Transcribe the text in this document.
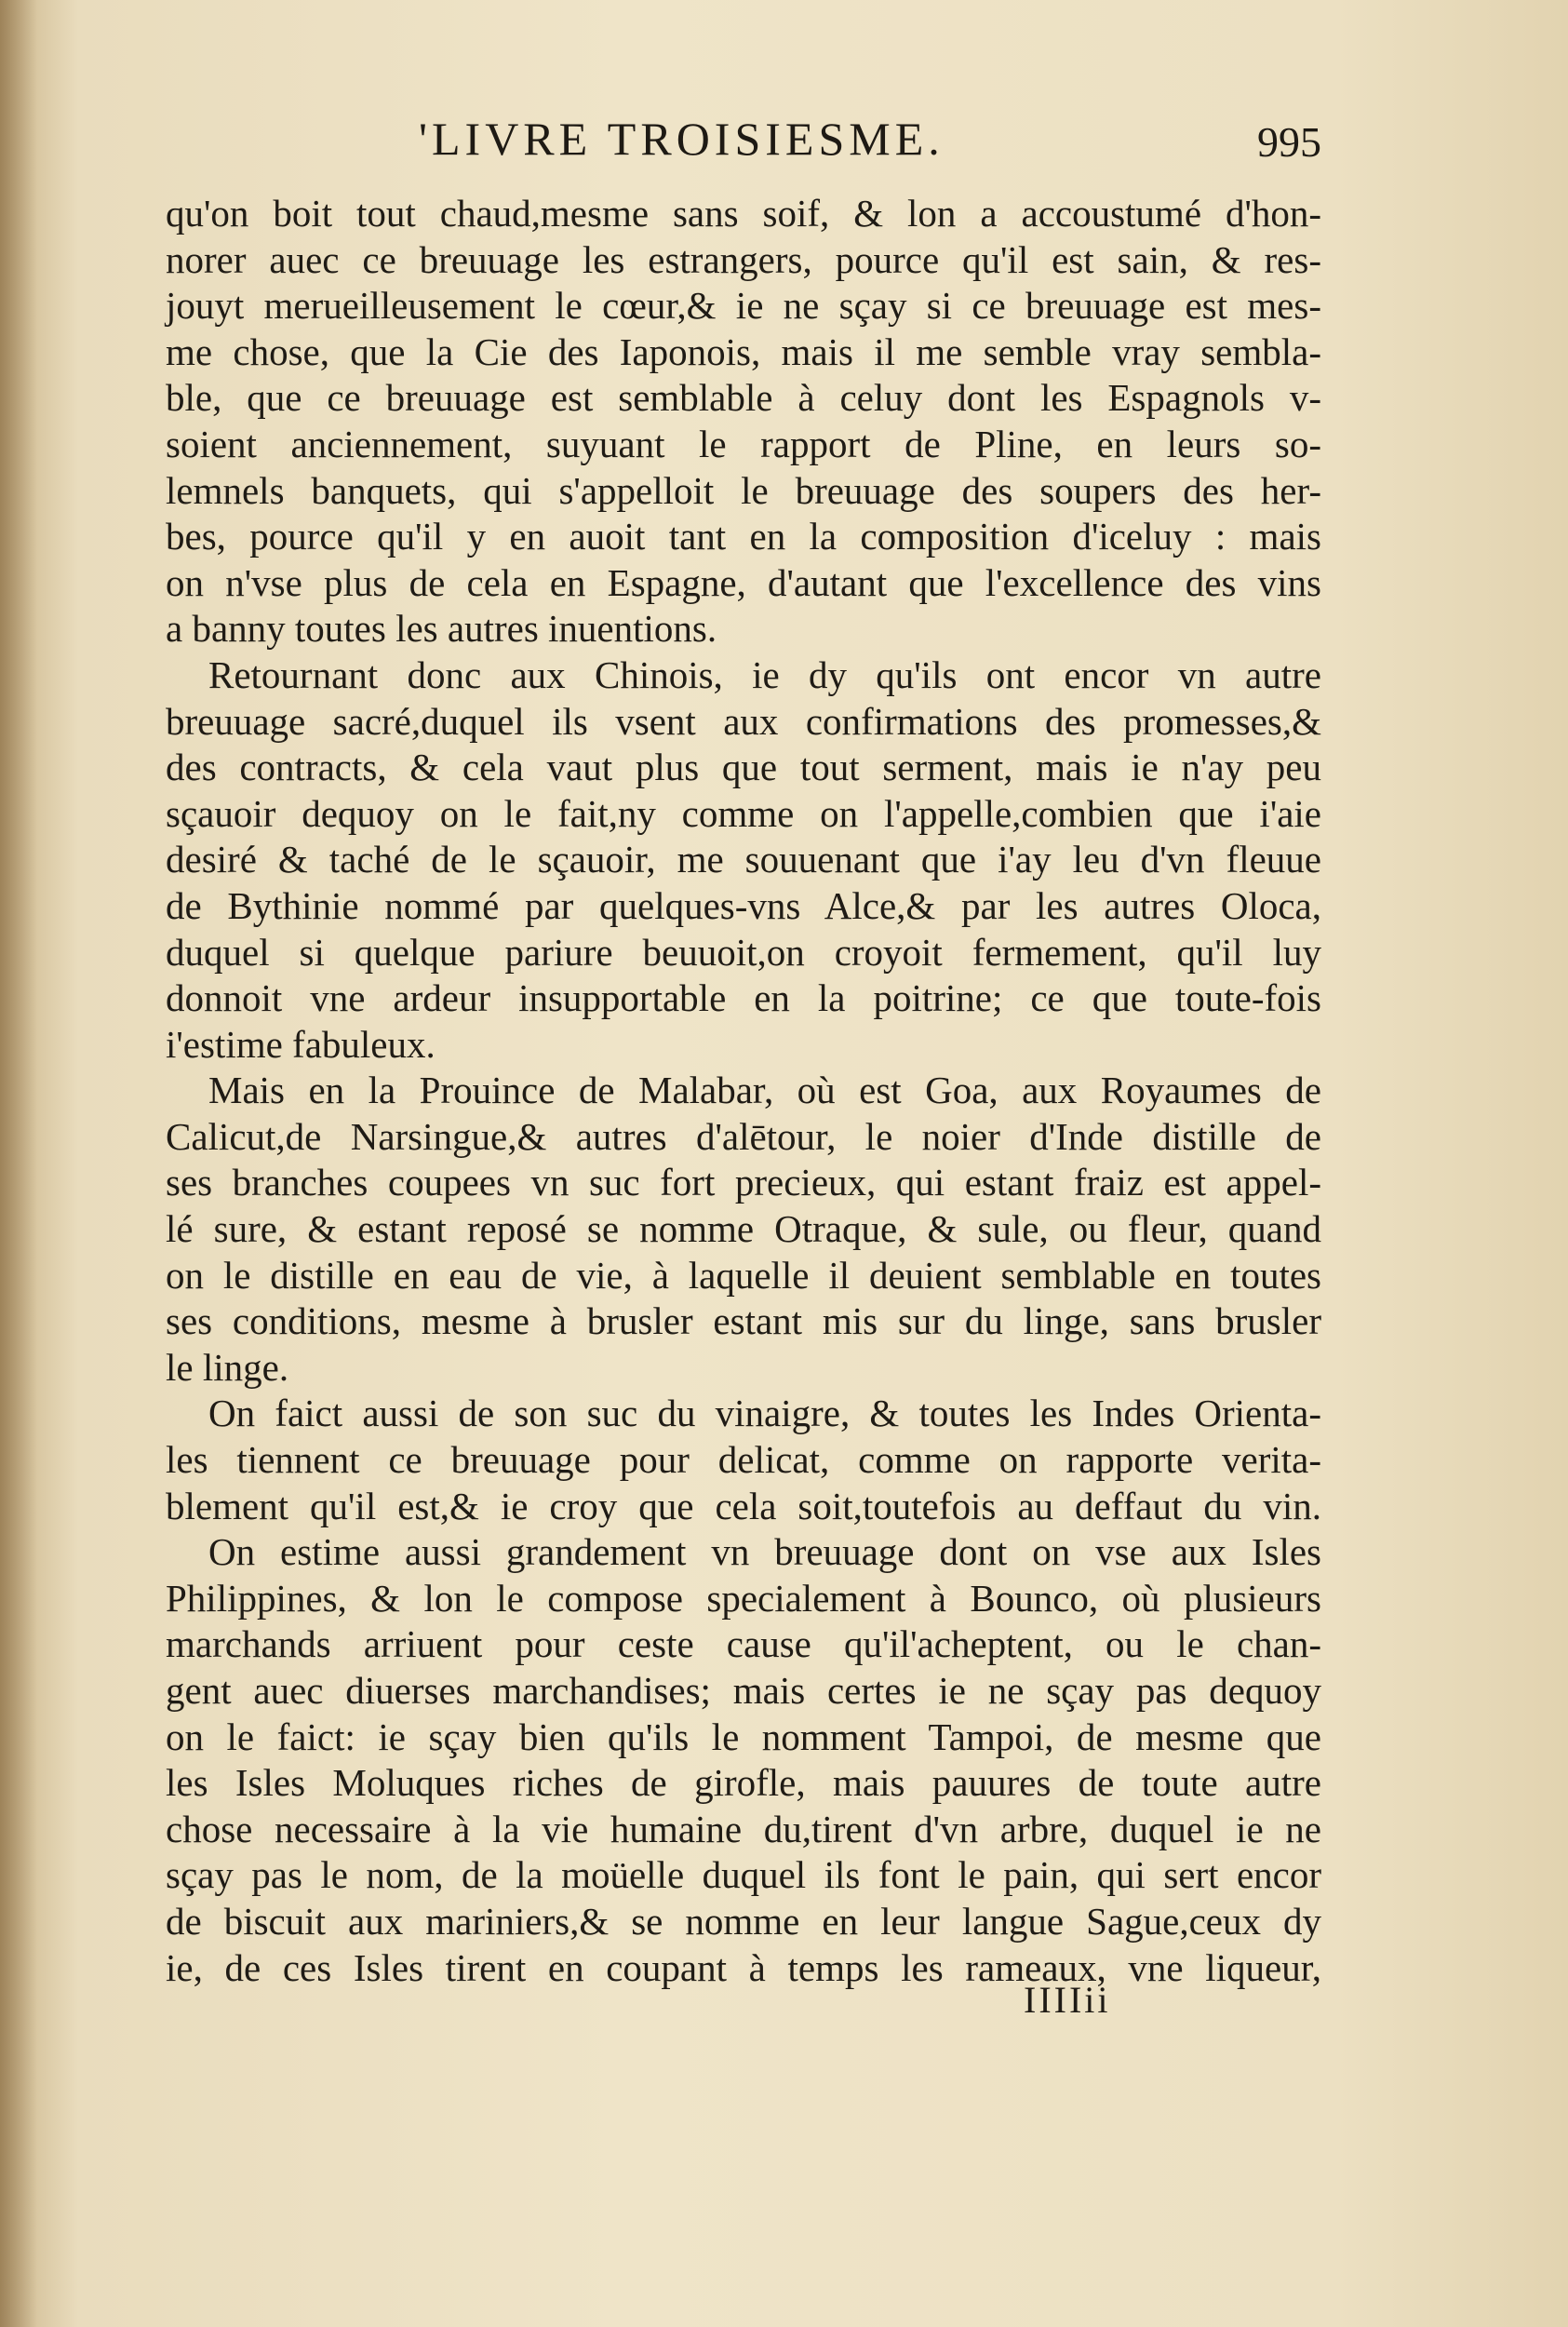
'LIVRE TROISIESME.	995
qu'on boit tout chaud,mesme sans soif, & lon a accoustumé d'hon-
norer auec ce breuuage les estrangers, pource qu'il est sain, & res-
jouyt merueilleusement le cœur,& ie ne sçay si ce breuuage est mes-
me chose, que la Cie des Iaponois, mais il me semble vray sembla-
ble, que ce breuuage est semblable à celuy dont les Espagnols v-
soient anciennement, suyuant le rapport de Pline, en leurs so-
lemnels banquets, qui s'appelloit le breuuage des soupers des her-
bes, pource qu'il y en auoit tant en la composition d'iceluy : mais
on n'vse plus de cela en Espagne, d'autant que l'excellence des vins
a banny toutes les autres inuentions.
Retournant donc aux Chinois, ie dy qu'ils ont encor vn autre
breuuage sacré,duquel ils vsent aux confirmations des promesses,&
des contracts, & cela vaut plus que tout serment, mais ie n'ay peu
sçauoir dequoy on le fait,ny comme on l'appelle,combien que i'aie
desiré & taché de le sçauoir, me souuenant que i'ay leu d'vn fleuue
de Bythinie nommé par quelques-vns Alce,& par les autres Oloca,
duquel si quelque pariure beuuoit,on croyoit fermement, qu'il luy
donnoit vne ardeur insupportable en la poitrine; ce que toute-fois
i'estime fabuleux.
Mais en la Prouince de Malabar, où est Goa, aux Royaumes de
Calicut,de Narsingue,& autres d'alētour, le noier d'Inde distille de
ses branches coupees vn suc fort precieux, qui estant fraiz est appel-
lé sure, & estant reposé se nomme Otraque, & sule, ou fleur, quand
on le distille en eau de vie, à laquelle il deuient semblable en toutes
ses conditions, mesme à brusler estant mis sur du linge, sans brusler
le linge.
On faict aussi de son suc du vinaigre, & toutes les Indes Orienta-
les tiennent ce breuuage pour delicat, comme on rapporte verita-
blement qu'il est,& ie croy que cela soit,toutefois au deffaut du vin.
On estime aussi grandement vn breuuage dont on vse aux Isles
Philippines, & lon le compose specialement à Bounco, où plusieurs
marchands arriuent pour ceste cause qu'il'acheptent, ou le chan-
gent auec diuerses marchandises; mais certes ie ne sçay pas dequoy
on le faict: ie sçay bien qu'ils le nomment Tampoi, de mesme que
les Isles Moluques riches de girofle, mais pauures de toute autre
chose necessaire à la vie humaine du,tirent d'vn arbre, duquel ie ne
sçay pas le nom, de la moüelle duquel ils font le pain, qui sert encor
de biscuit aux mariniers,& se nomme en leur langue Sague,ceux dy
ie, de ces Isles tirent en coupant à temps les rameaux, vne liqueur,
IIIIii
